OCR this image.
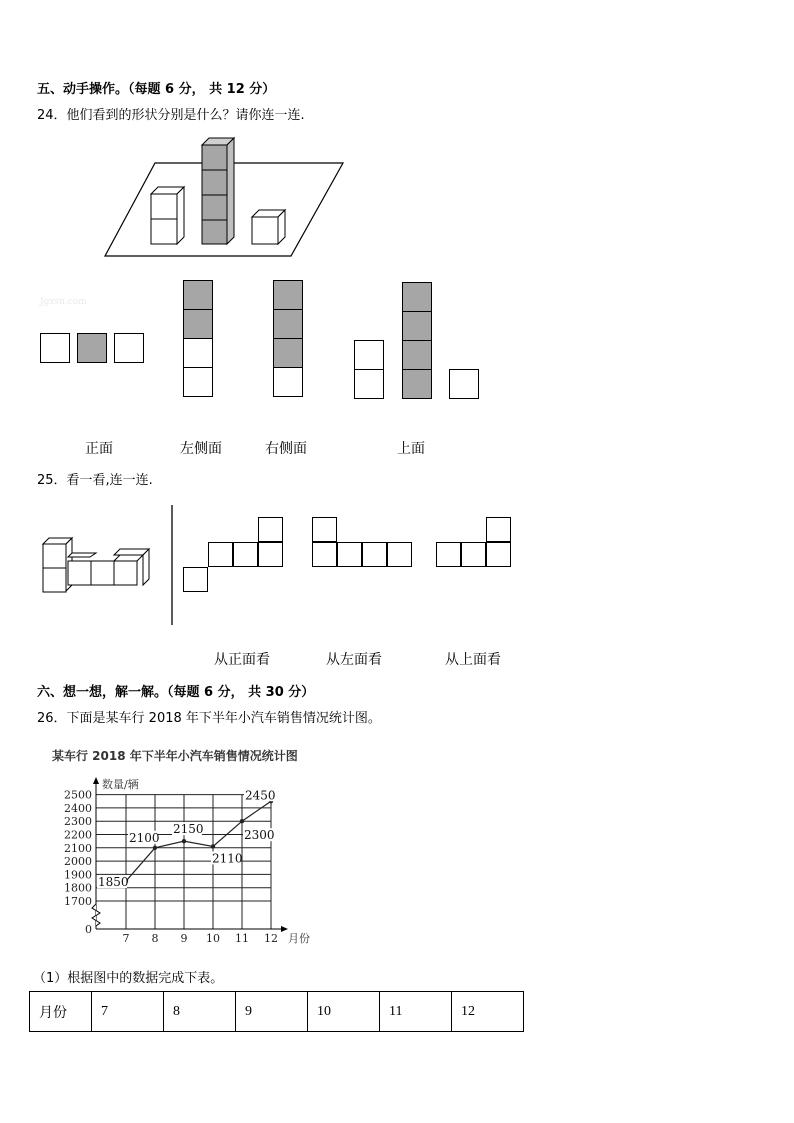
五、动手操作。（每题 6 分， 共 12 分）
24．他们看到的形状分别是什么？请你连一连.
Jgxsn.com
正面	左侧面	右侧面	上面
25．看一看,连一连.
从正面看	从左面看	从上面看
六、想一想，解一解。（每题 6 分， 共 30 分）
26．下面是某车行 2018 年下半年小汽车销售情况统计图。
某车行 2018 年下半年小汽车销售情况统计图
数量/辆
月份
0
1700
1800
1900
2000
2100
2200
2300
2400
2500
7 8 9 10 11 12
1850
2100
2150
2110
2300
2450
（1）根据图中的数据完成下表。
月份	7	8	9	10	11	12
